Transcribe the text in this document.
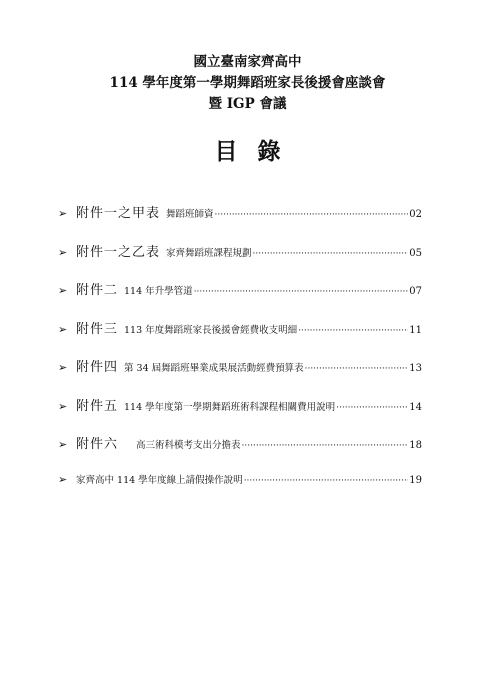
國立臺南家齊高中
114 學年度第一學期舞蹈班家長後援會座談會
暨 IGP 會議
目錄
➢ 附件一之甲表 舞蹈班師資 ·····	02
➢ 附件一之乙表 家齊舞蹈班課程規劃 ·····	05
➢ 附件二 114 年升學管道 ·····	07
➢ 附件三 113 年度舞蹈班家長後援會經費收支明細 ·····	11
➢ 附件四 第 34 屆舞蹈班畢業成果展活動經費預算表 ·····	13
➢ 附件五 114 學年度第一學期舞蹈班術科課程相關費用說明 ·····	14
➢ 附件六 高三術科模考支出分擔表 ·····	18
➢ 家齊高中 114 學年度線上請假操作說明 ·····	19
